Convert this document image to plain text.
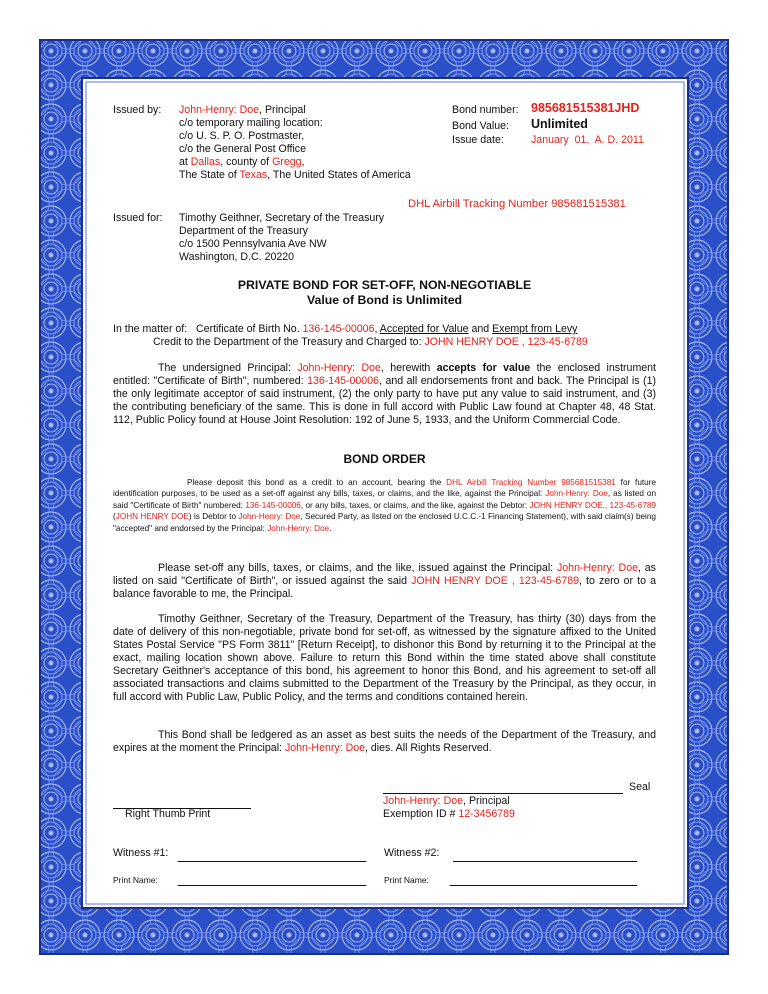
Issued by: John-Henry: Doe, Principal
c/o temporary mailing location:
c/o U. S. P. O. Postmaster,
c/o the General Post Office
at Dallas, county of Gregg,
The State of Texas, The United States of America
Bond number: 985681515381JHD
Bond Value: Unlimited
Issue date:	January  01,  A. D. 2011
DHL Airbill Tracking Number 985681515381
Issued for: Timothy Geithner, Secretary of the Treasury
Department of the Treasury
c/o 1500 Pennsylvania Ave NW
Washington, D.C. 20220
PRIVATE BOND FOR SET-OFF, NON-NEGOTIABLE
Value of Bond is Unlimited
In the matter of:   Certificate of Birth No. 136-145-00006, Accepted for Value and Exempt from Levy
Credit to the Department of the Treasury and Charged to: JOHN HENRY DOE , 123-45-6789
The undersigned Principal: John-Henry: Doe, herewith accepts for value the enclosed instrument entitled: "Certificate of Birth", numbered: 136-145-00006, and all endorsements front and back. The Principal is (1) the only legitimate acceptor of said instrument, (2) the only party to have put any value to said instrument, and (3) the contributing beneficiary of the same. This is done in full accord with Public Law found at Chapter 48, 48 Stat. 112, Public Policy found at House Joint Resolution: 192 of June 5, 1933, and the Uniform Commercial Code.
BOND ORDER
Please deposit this bond as a credit to an account, bearing the DHL Airbill Tracking Number 985681515381 for future identification purposes, to be used as a set-off against any bills, taxes, or claims, and the like, against the Principal: John-Henry: Doe, as listed on said "Certificate of Birth" numbered: 136-145-00006, or any bills, taxes, or claims, and the like, against the Debtor: JOHN HENRY DOE., 123-45-6789 (JOHN HENRY DOE) is Debtor to John-Henry: Doe, Secured Party, as listed on the enclosed U.C.C.-1 Financing Statement), with said claim(s) being "accepted" and endorsed by the Principal: John-Henry: Doe.
Please set-off any bills, taxes, or claims, and the like, issued against the Principal: John-Henry: Doe, as listed on said "Certificate of Birth", or issued against the said JOHN HENRY DOE , 123-45-6789, to zero or to a balance favorable to me, the Principal.
Timothy Geithner, Secretary of the Treasury, Department of the Treasury, has thirty (30) days from the date of delivery of this non-negotiable, private bond for set-off, as witnessed by the signature affixed to the United States Postal Service "PS Form 3811" [Return Receipt], to dishonor this Bond by returning it to the Principal at the exact, mailing location shown above. Failure to return this Bond within the time stated above shall constitute Secretary Geithner's acceptance of this bond, his agreement to honor this Bond, and his agreement to set-off all associated transactions and claims submitted to the Department of the Treasury by the Principal, as they occur, in full accord with Public Law, Public Policy, and the terms and conditions contained herein.
This Bond shall be ledgered as an asset as best suits the needs of the Department of the Treasury, and expires at the moment the Principal: John-Henry: Doe, dies. All Rights Reserved.

Seal
John-Henry: Doe, Principal
Exemption ID # 12-3456789

Right Thumb Print
Witness #1:
	Witness #2:

Print Name:
	Print Name:
